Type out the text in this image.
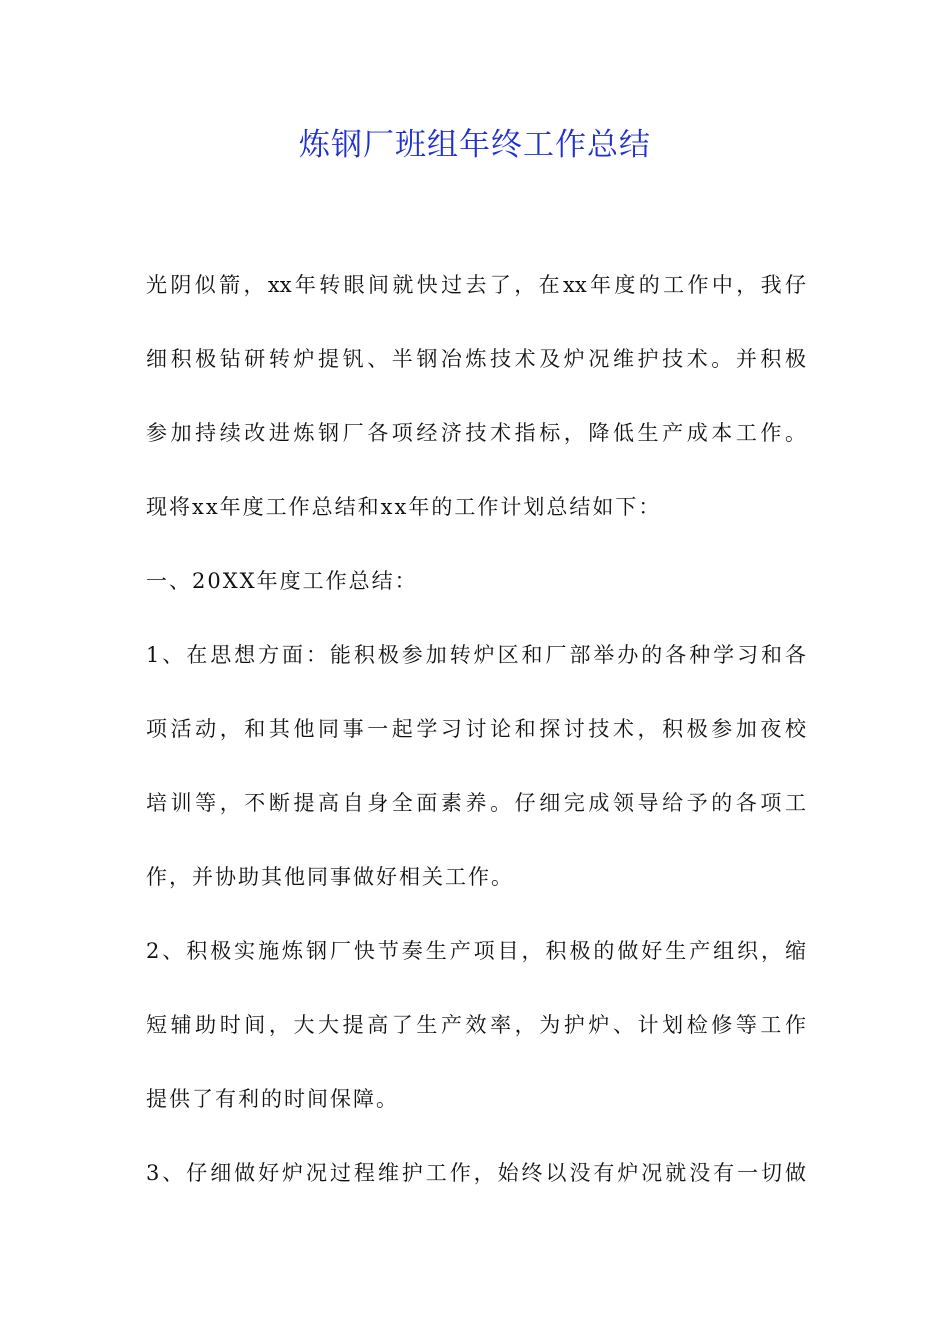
炼钢厂班组年终工作总结
光阴似箭，xx年转眼间就快过去了，在xx年度的工作中，我仔
细积极钻研转炉提钒、半钢冶炼技术及炉况维护技术。并积极
参加持续改进炼钢厂各项经济技术指标，降低生产成本工作。
现将xx年度工作总结和xx年的工作计划总结如下：
一、20XX年度工作总结：
1、在思想方面：能积极参加转炉区和厂部举办的各种学习和各
项活动，和其他同事一起学习讨论和探讨技术，积极参加夜校
培训等，不断提高自身全面素养。仔细完成领导给予的各项工
作，并协助其他同事做好相关工作。
2、积极实施炼钢厂快节奏生产项目，积极的做好生产组织，缩
短辅助时间，大大提高了生产效率，为护炉、计划检修等工作
提供了有利的时间保障。
3、仔细做好炉况过程维护工作，始终以没有炉况就没有一切做
